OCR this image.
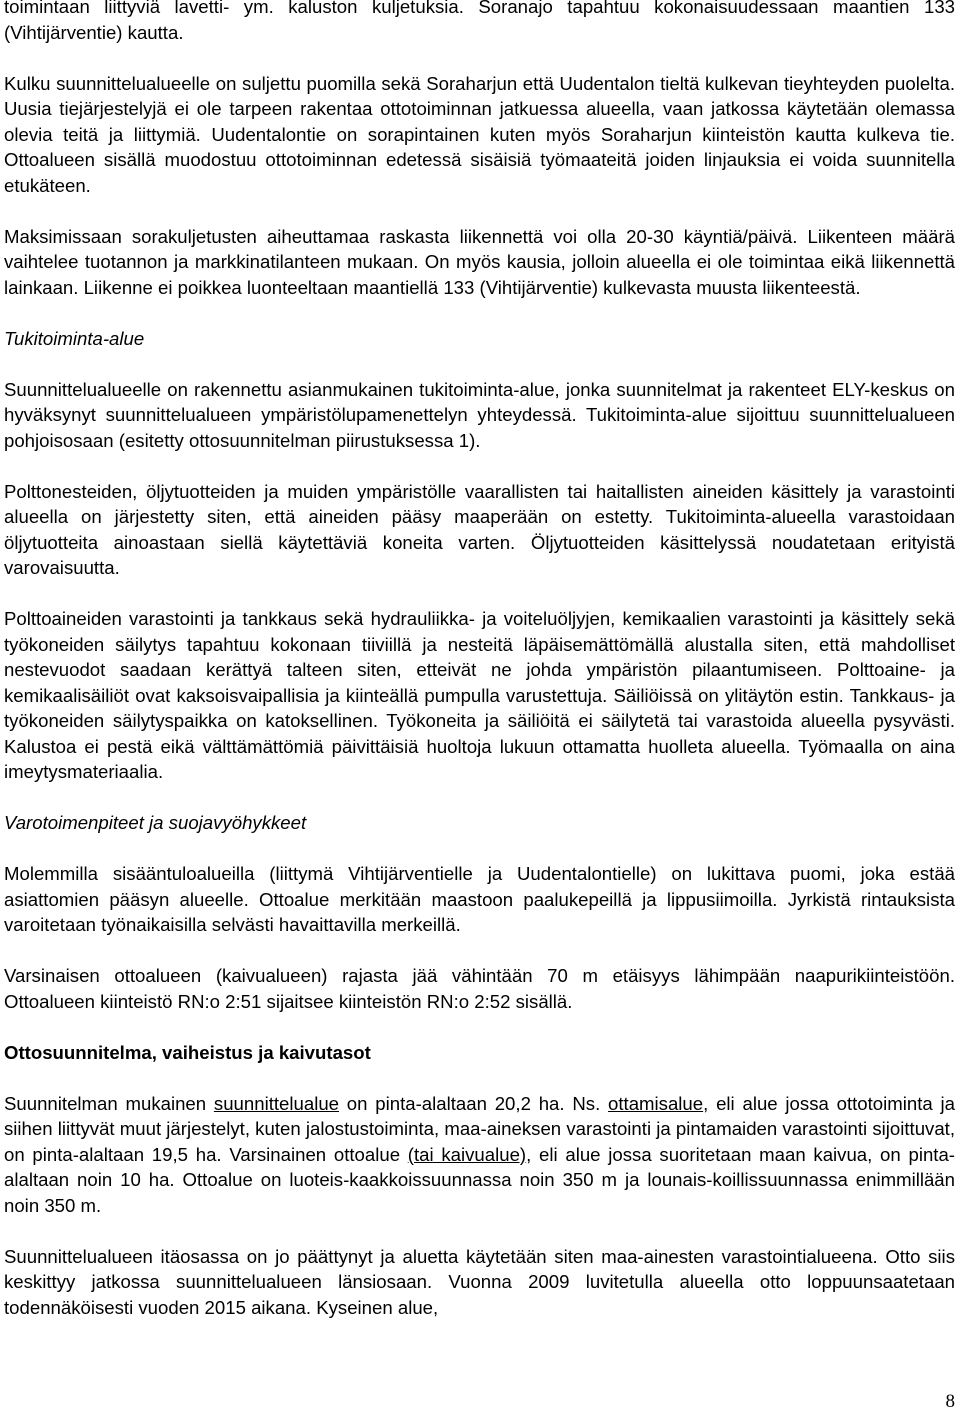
toimintaan liittyviä lavetti- ym. kaluston kuljetuksia. Soranajo tapahtuu kokonaisuudessaan maantien 133 (Vihtijärventie) kautta.

Kulku suunnittelualueelle on suljettu puomilla sekä Soraharjun että Uudentalon tieltä kulkevan tieyhteyden puolelta. Uusia tiejärjestelyjä ei ole tarpeen rakentaa ottotoiminnan jatkuessa alueella, vaan jatkossa käytetään olemassa olevia teitä ja liittymiä. Uudentalontie on sorapintainen kuten myös Soraharjun kiinteistön kautta kulkeva tie. Ottoalueen sisällä muodostuu ottotoiminnan edetessä sisäisiä työmaateitä joiden linjauksia ei voida suunnitella etukäteen.

Maksimissaan sorakuljetusten aiheuttamaa raskasta liikennettä voi olla 20-30 käyntiä/päivä. Liikenteen määrä vaihtelee tuotannon ja markkinatilanteen mukaan. On myös kausia, jolloin alueella ei ole toimintaa eikä liikennettä lainkaan. Liikenne ei poikkea luonteeltaan maantiellä 133 (Vihtijärventie) kulkevasta muusta liikenteestä.

Tukitoiminta-alue

Suunnittelualueelle on rakennettu asianmukainen tukitoiminta-alue, jonka suunnitelmat ja rakenteet ELY-keskus on hyväksynyt suunnittelualueen ympäristölupamenettelyn yhteydessä. Tukitoiminta-alue sijoittuu suunnittelualueen pohjoisosaan (esitetty ottosuunnitelman piirustuksessa 1).

Polttonesteiden, öljytuotteiden ja muiden ympäristölle vaarallisten tai haitallisten aineiden käsittely ja varastointi alueella on järjestetty siten, että aineiden pääsy maaperään on estetty. Tukitoiminta-alueella varastoidaan öljytuotteita ainoastaan siellä käytettäviä koneita varten. Öljytuotteiden käsittelyssä noudatetaan erityistä varovaisuutta.

Polttoaineiden varastointi ja tankkaus sekä hydrauliikka- ja voiteluöljyjen, kemikaalien varastointi ja käsittely sekä työkoneiden säilytys tapahtuu kokonaan tiiviillä ja nesteitä läpäisemättömällä alustalla siten, että mahdolliset nestevuodot saadaan kerättyä talteen siten, etteivät ne johda ympäristön pilaantumiseen. Polttoaine- ja kemikaalisäiliöt ovat kaksoisvaipallisia ja kiinteällä pumpulla varustettuja. Säiliöissä on ylitäytön estin. Tankkaus- ja työkoneiden säilytyspaikka on katoksellinen. Työkoneita ja säiliöitä ei säilytetä tai varastoida alueella pysyvästi. Kalustoa ei pestä eikä välttämättömiä päivittäisiä huoltoja lukuun ottamatta huolleta alueella. Työmaalla on aina imeytysmateriaalia.

Varotoimenpiteet ja suojavyöhykkeet

Molemmilla sisääntuloalueilla (liittymä Vihtijärventielle ja Uudentalontielle) on lukittava puomi, joka estää asiattomien pääsyn alueelle. Ottoalue merkitään maastoon paalukepeillä ja lippusiimoilla. Jyrkistä rintauksista varoitetaan työnaikaisilla selvästi havaittavilla merkeillä.

Varsinaisen ottoalueen (kaivualueen) rajasta jää vähintään 70 m etäisyys lähimpään naapurikiinteistöön. Ottoalueen kiinteistö RN:o 2:51 sijaitsee kiinteistön RN:o 2:52 sisällä.

Ottosuunnitelma, vaiheistus ja kaivutasot

Suunnitelman mukainen suunnittelualue on pinta-alaltaan 20,2 ha. Ns. ottamisalue, eli alue jossa ottotoiminta ja siihen liittyvät muut järjestelyt, kuten jalostustoiminta, maa-aineksen varastointi ja pintamaiden varastointi sijoittuvat, on pinta-alaltaan 19,5 ha. Varsinainen ottoalue (tai kaivualue), eli alue jossa suoritetaan maan kaivua, on pinta-alaltaan noin 10 ha. Ottoalue on luoteis-kaakkoissuunnassa noin 350 m ja lounais-koillissuunnassa enimmillään noin 350 m.

Suunnittelualueen itäosassa on jo päättynyt ja aluetta käytetään siten maa-ainesten varastointialueena. Otto siis keskittyy jatkossa suunnittelualueen länsiosaan. Vuonna 2009 luvitetulla alueella otto loppuunsaatetaan todennäköisesti vuoden 2015 aikana. Kyseinen alue,

8
